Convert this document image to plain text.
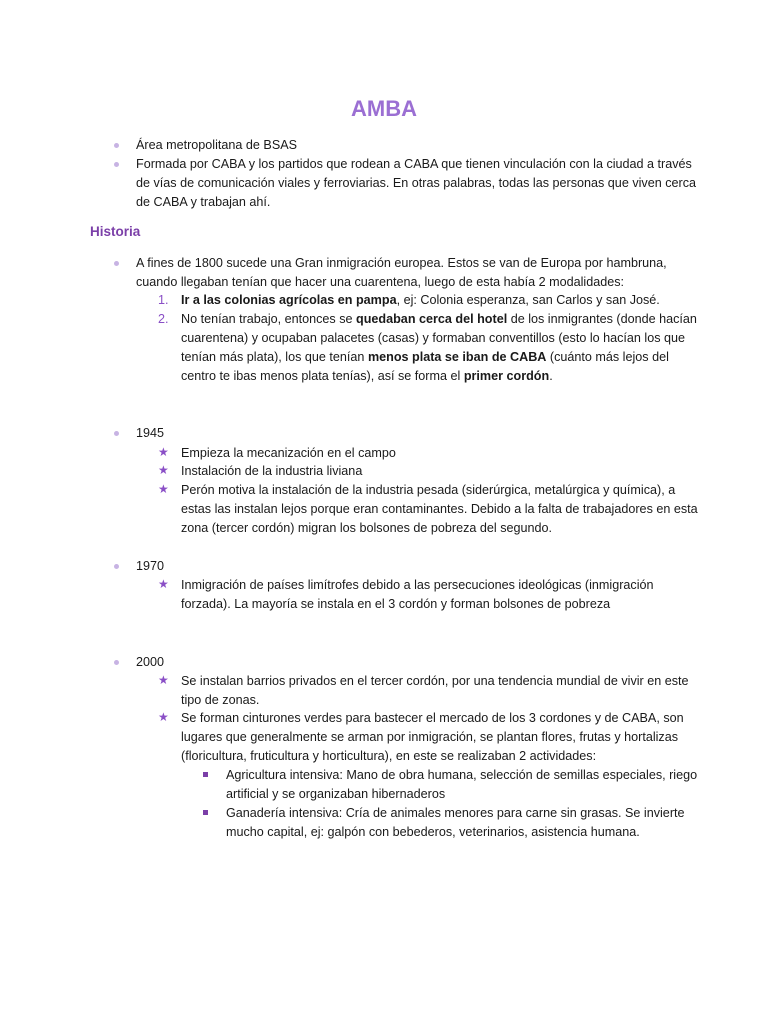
AMBA
Área metropolitana de BSAS
Formada por CABA y los partidos que rodean a CABA que tienen vinculación con la ciudad a través de vías de comunicación viales y ferroviarias. En otras palabras, todas las personas que viven cerca de CABA y trabajan ahí.
Historia
A fines de 1800 sucede una Gran inmigración europea. Estos se van de Europa por hambruna, cuando llegaban tenían que hacer una cuarentena, luego de esta había 2 modalidades:
1. Ir a las colonias agrícolas en pampa, ej: Colonia esperanza, san Carlos y san José.
2. No tenían trabajo, entonces se quedaban cerca del hotel de los inmigrantes (donde hacían cuarentena) y ocupaban palacetes (casas) y formaban conventillos (esto lo hacían los que tenían más plata), los que tenían menos plata se iban de CABA (cuánto más lejos del centro te ibas menos plata tenías), así se forma el primer cordón.
1945
★ Empieza la mecanización en el campo
★ Instalación de la industria liviana
★ Perón motiva la instalación de la industria pesada (siderúrgica, metalúrgica y química), a estas las instalan lejos porque eran contaminantes. Debido a la falta de trabajadores en esta zona (tercer cordón) migran los bolsones de pobreza del segundo.
1970
★ Inmigración de países limítrofes debido a las persecuciones ideológicas (inmigración forzada). La mayoría se instala en el 3 cordón y forman bolsones de pobreza
2000
★ Se instalan barrios privados en el tercer cordón, por una tendencia mundial de vivir en este tipo de zonas.
★ Se forman cinturones verdes para bastecer el mercado de los 3 cordones y de CABA, son lugares que generalmente se arman por inmigración, se plantan flores, frutas y hortalizas (floricultura, fruticultura y horticultura), en este se realizaban 2 actividades:
Agricultura intensiva: Mano de obra humana, selección de semillas especiales, riego artificial y se organizaban hibernaderos
Ganadería intensiva: Cría de animales menores para carne sin grasas. Se invierte mucho capital, ej: galpón con bebederos, veterinarios, asistencia humana.
